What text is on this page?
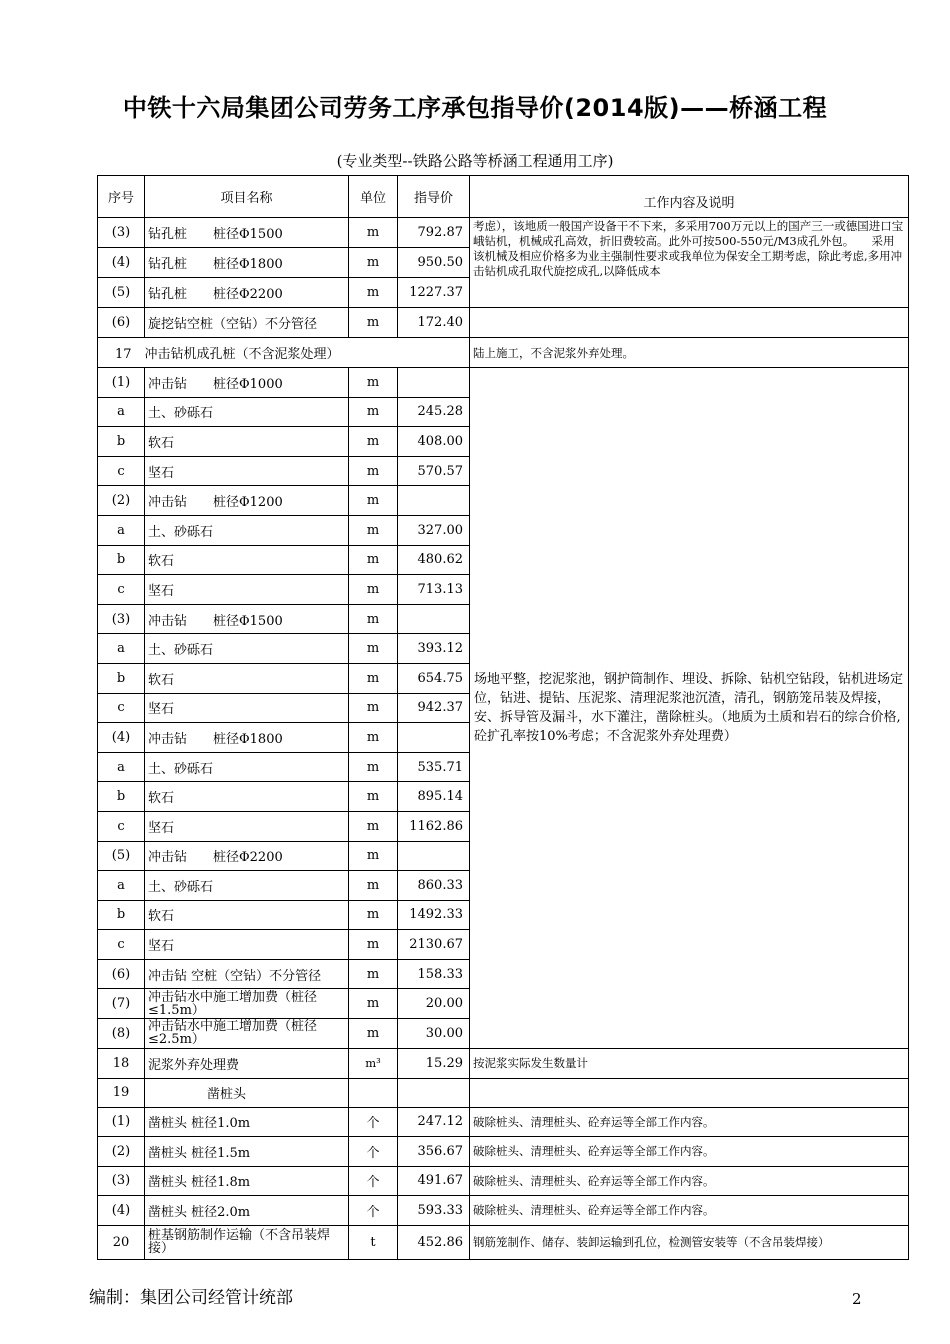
中铁十六局集团公司劳务工序承包指导价(2014版)——桥涵工程
(专业类型--铁路公路等桥涵工程通用工序)
序号	项目名称	单位	指导价	工作内容及说明
(3)	钻孔桩　　桩径Φ1500	m	792.87	考虑），该地质一般国产设备干不下来，多采用700万元以上的国产三一或德国进口宝峨钻机，机械成孔高效，折旧费较高。此外可按500-550元/M3成孔外包。　　采用该机械及相应价格多为业主强制性要求或我单位为保安全工期考虑，除此考虑,多用冲击钻机成孔取代旋挖成孔,以降低成本

(4)	钻孔桩　　桩径Φ1800	m	950.50	
(5)	钻孔桩　　桩径Φ2200	m	1227.37	
(6)	旋挖钻空桩（空钻）不分管径	m	172.40	
17　冲击钻机成孔桩（不含泥浆处理）				陆上施工，不含泥浆外弃处理。
(1)	冲击钻　　桩径Φ1000	m		场地平整，挖泥浆池，钢护筒制作、埋设、拆除、钻机空钻段，钻机进场定位，钻进、提钻、压泥浆、清理泥浆池沉渣，清孔，钢筋笼吊装及焊接，安、拆导管及漏斗，水下灌注，凿除桩头。（地质为土质和岩石的综合价格,砼扩孔率按10%考虑；不含泥浆外弃处理费）
a	土、砂砾石	m	245.28	
b	软石	m	408.00	
c	坚石	m	570.57	
(2)	冲击钻　　桩径Φ1200	m		
a	土、砂砾石	m	327.00	
b	软石	m	480.62	
c	坚石	m	713.13	
(3)	冲击钻　　桩径Φ1500	m		
a	土、砂砾石	m	393.12	
b	软石	m	654.75	
c	坚石	m	942.37	
(4)	冲击钻　　桩径Φ1800	m		
a	土、砂砾石	m	535.71	
b	软石	m	895.14	
c	坚石	m	1162.86	
(5)	冲击钻　　桩径Φ2200	m		
a	土、砂砾石	m	860.33	
b	软石	m	1492.33	
c	坚石	m	2130.67	
(6)	冲击钻 空桩（空钻）不分管径	m	158.33	
(7)	冲击钻水中施工增加费（桩径≤1.5m）	m	20.00	
(8)	冲击钻水中施工增加费（桩径≤2.5m）	m	30.00	
18	泥浆外弃处理费	m³	15.29	按泥浆实际发生数量计
19	凿桩头			
(1)	凿桩头 桩径1.0m	个	247.12	破除桩头、清理桩头、砼弃运等全部工作内容。
(2)	凿桩头 桩径1.5m	个	356.67	破除桩头、清理桩头、砼弃运等全部工作内容。
(3)	凿桩头 桩径1.8m	个	491.67	破除桩头、清理桩头、砼弃运等全部工作内容。
(4)	凿桩头 桩径2.0m	个	593.33	破除桩头、清理桩头、砼弃运等全部工作内容。
20	桩基钢筋制作运输（不含吊装焊接）	t	452.86	钢筋笼制作、储存、装卸运输到孔位，检测管安装等（不含吊装焊接）
编制：集团公司经管计统部	2
